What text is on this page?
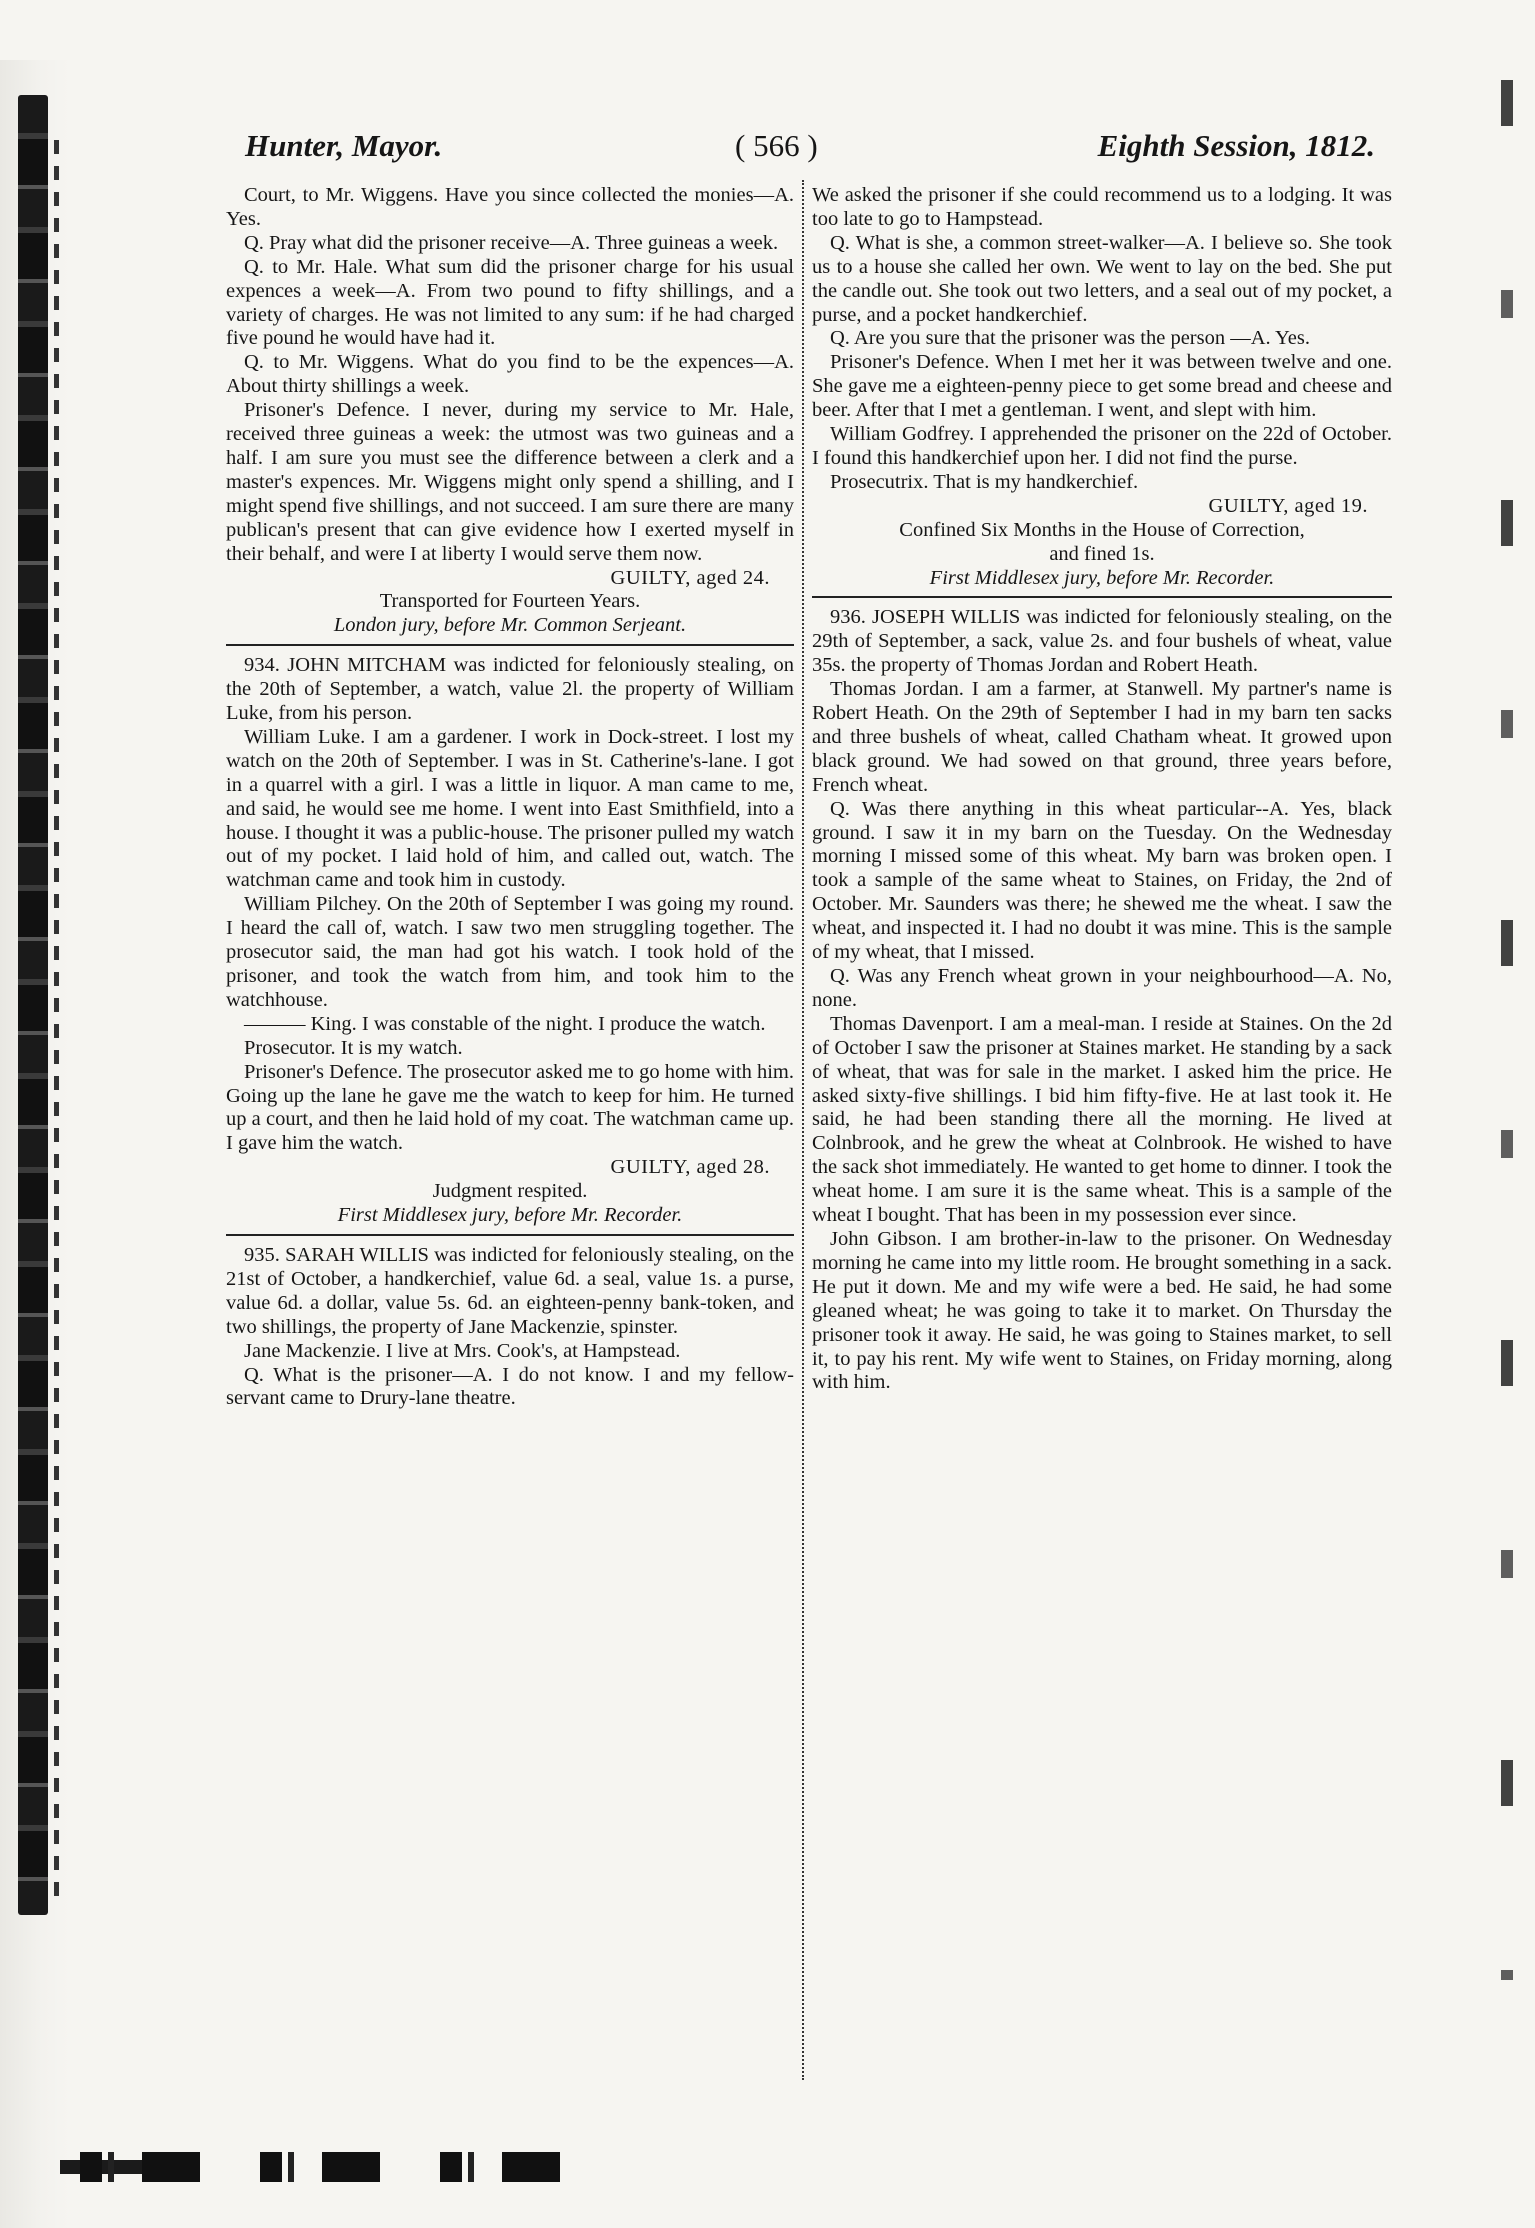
Hunter, Mayor.	( 566 )	Eighth Session, 1812.

Court, to Mr. Wiggens. Have you since collected the monies—A. Yes.

Q. Pray what did the prisoner receive—A. Three guineas a week.

Q. to Mr. Hale. What sum did the prisoner charge for his usual expences a week—A. From two pound to fifty shillings, and a variety of charges. He was not limited to any sum: if he had charged five pound he would have had it.

Q. to Mr. Wiggens. What do you find to be the expences—A. About thirty shillings a week.

Prisoner's Defence. I never, during my service to Mr. Hale, received three guineas a week: the utmost was two guineas and a half. I am sure you must see the difference between a clerk and a master's expences. Mr. Wiggens might only spend a shilling, and I might spend five shillings, and not succeed. I am sure there are many publican's present that can give evidence how I exerted myself in their behalf, and were I at liberty I would serve them now.

GUILTY, aged 24.

Transported for Fourteen Years.

London jury, before Mr. Common Serjeant.

934. JOHN MITCHAM was indicted for feloniously stealing, on the 20th of September, a watch, value 2l. the property of William Luke, from his person.

William Luke. I am a gardener. I work in Dock-street. I lost my watch on the 20th of September. I was in St. Catherine's-lane. I got in a quarrel with a girl. I was a little in liquor. A man came to me, and said, he would see me home. I went into East Smithfield, into a house. I thought it was a public-house. The prisoner pulled my watch out of my pocket. I laid hold of him, and called out, watch. The watchman came and took him in custody.

William Pilchey. On the 20th of September I was going my round. I heard the call of, watch. I saw two men struggling together. The prosecutor said, the man had got his watch. I took hold of the prisoner, and took the watch from him, and took him to the watchhouse.

——— King. I was constable of the night. I produce the watch.

Prosecutor. It is my watch.

Prisoner's Defence. The prosecutor asked me to go home with him. Going up the lane he gave me the watch to keep for him. He turned up a court, and then he laid hold of my coat. The watchman came up. I gave him the watch.

GUILTY, aged 28.

Judgment respited.

First Middlesex jury, before Mr. Recorder.

935. SARAH WILLIS was indicted for feloniously stealing, on the 21st of October, a handkerchief, value 6d. a seal, value 1s. a purse, value 6d. a dollar, value 5s. 6d. an eighteen-penny bank-token, and two shillings, the property of Jane Mackenzie, spinster.

Jane Mackenzie. I live at Mrs. Cook's, at Hampstead.

Q. What is the prisoner—A. I do not know. I and my fellow-servant came to Drury-lane theatre.

We asked the prisoner if she could recommend us to a lodging. It was too late to go to Hampstead.

Q. What is she, a common street-walker—A. I believe so. She took us to a house she called her own. We went to lay on the bed. She put the candle out. She took out two letters, and a seal out of my pocket, a purse, and a pocket handkerchief.

Q. Are you sure that the prisoner was the person —A. Yes.

Prisoner's Defence. When I met her it was between twelve and one. She gave me a eighteen-penny piece to get some bread and cheese and beer. After that I met a gentleman. I went, and slept with him.

William Godfrey. I apprehended the prisoner on the 22d of October. I found this handkerchief upon her. I did not find the purse.

Prosecutrix. That is my handkerchief.

GUILTY, aged 19.

Confined Six Months in the House of Correction,

and fined 1s.

First Middlesex jury, before Mr. Recorder.

936. JOSEPH WILLIS was indicted for feloniously stealing, on the 29th of September, a sack, value 2s. and four bushels of wheat, value 35s. the property of Thomas Jordan and Robert Heath.

Thomas Jordan. I am a farmer, at Stanwell. My partner's name is Robert Heath. On the 29th of September I had in my barn ten sacks and three bushels of wheat, called Chatham wheat. It growed upon black ground. We had sowed on that ground, three years before, French wheat.

Q. Was there anything in this wheat particular--A. Yes, black ground. I saw it in my barn on the Tuesday. On the Wednesday morning I missed some of this wheat. My barn was broken open. I took a sample of the same wheat to Staines, on Friday, the 2nd of October. Mr. Saunders was there; he shewed me the wheat. I saw the wheat, and inspected it. I had no doubt it was mine. This is the sample of my wheat, that I missed.

Q. Was any French wheat grown in your neighbourhood—A. No, none.

Thomas Davenport. I am a meal-man. I reside at Staines. On the 2d of October I saw the prisoner at Staines market. He standing by a sack of wheat, that was for sale in the market. I asked him the price. He asked sixty-five shillings. I bid him fifty-five. He at last took it. He said, he had been standing there all the morning. He lived at Colnbrook, and he grew the wheat at Colnbrook. He wished to have the sack shot immediately. He wanted to get home to dinner. I took the wheat home. I am sure it is the same wheat. This is a sample of the wheat I bought. That has been in my possession ever since.

John Gibson. I am brother-in-law to the prisoner. On Wednesday morning he came into my little room. He brought something in a sack. He put it down. Me and my wife were a bed. He said, he had some gleaned wheat; he was going to take it to market. On Thursday the prisoner took it away. He said, he was going to Staines market, to sell it, to pay his rent. My wife went to Staines, on Friday morning, along with him.
